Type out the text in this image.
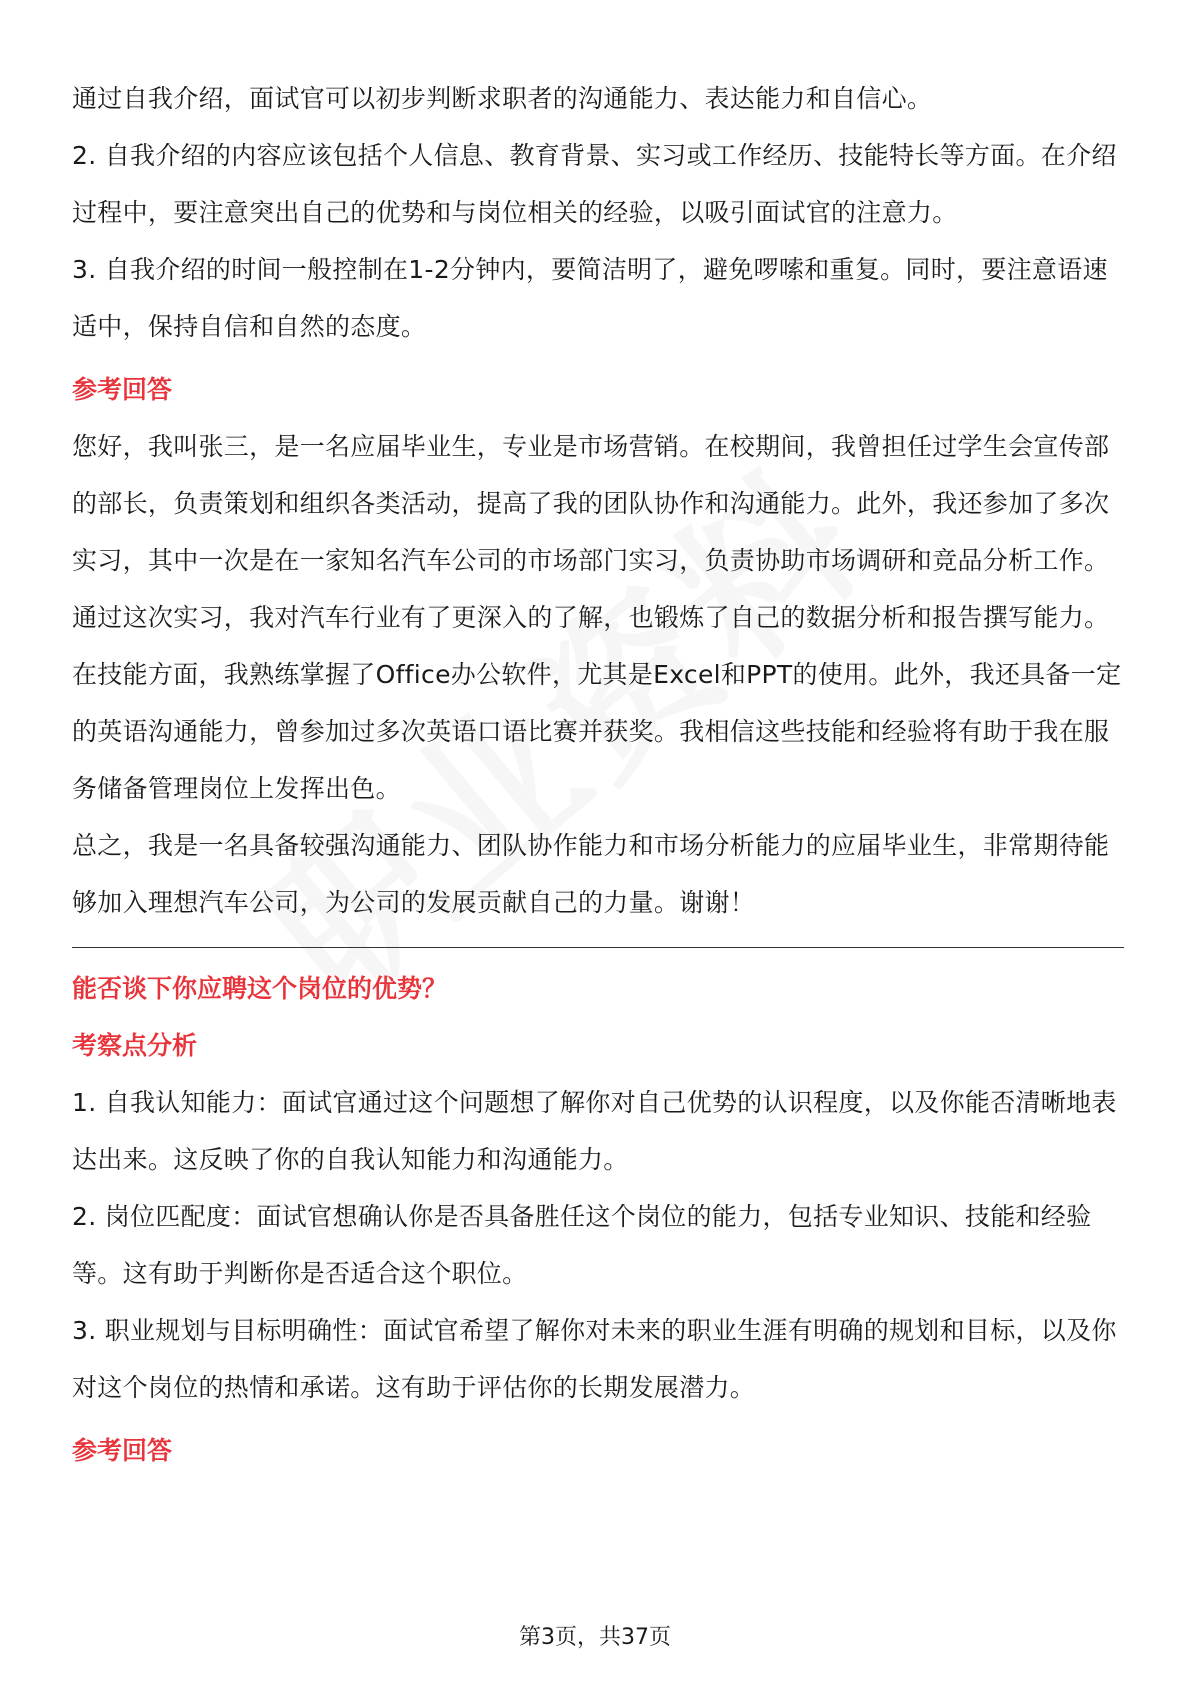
通过自我介绍，面试官可以初步判断求职者的沟通能力、表达能力和自信心。

2. 自我介绍的内容应该包括个人信息、教育背景、实习或工作经历、技能特长等方面。在介绍过程中，要注意突出自己的优势和与岗位相关的经验，以吸引面试官的注意力。

3. 自我介绍的时间一般控制在1-2分钟内，要简洁明了，避免啰嗦和重复。同时，要注意语速适中，保持自信和自然的态度。

参考回答

您好，我叫张三，是一名应届毕业生，专业是市场营销。在校期间，我曾担任过学生会宣传部的部长，负责策划和组织各类活动，提高了我的团队协作和沟通能力。此外，我还参加了多次实习，其中一次是在一家知名汽车公司的市场部门实习，负责协助市场调研和竞品分析工作。通过这次实习，我对汽车行业有了更深入的了解，也锻炼了自己的数据分析和报告撰写能力。

在技能方面，我熟练掌握了Office办公软件，尤其是Excel和PPT的使用。此外，我还具备一定的英语沟通能力，曾参加过多次英语口语比赛并获奖。我相信这些技能和经验将有助于我在服务储备管理岗位上发挥出色。

总之，我是一名具备较强沟通能力、团队协作能力和市场分析能力的应届毕业生，非常期待能够加入理想汽车公司，为公司的发展贡献自己的力量。谢谢！

能否谈下你应聘这个岗位的优势？

考察点分析

1. 自我认知能力：面试官通过这个问题想了解你对自己优势的认识程度，以及你能否清晰地表达出来。这反映了你的自我认知能力和沟通能力。

2. 岗位匹配度：面试官想确认你是否具备胜任这个岗位的能力，包括专业知识、技能和经验等。这有助于判断你是否适合这个职位。

3. 职业规划与目标明确性：面试官希望了解你对未来的职业生涯有明确的规划和目标，以及你对这个岗位的热情和承诺。这有助于评估你的长期发展潜力。

参考回答

第3页，共37页
